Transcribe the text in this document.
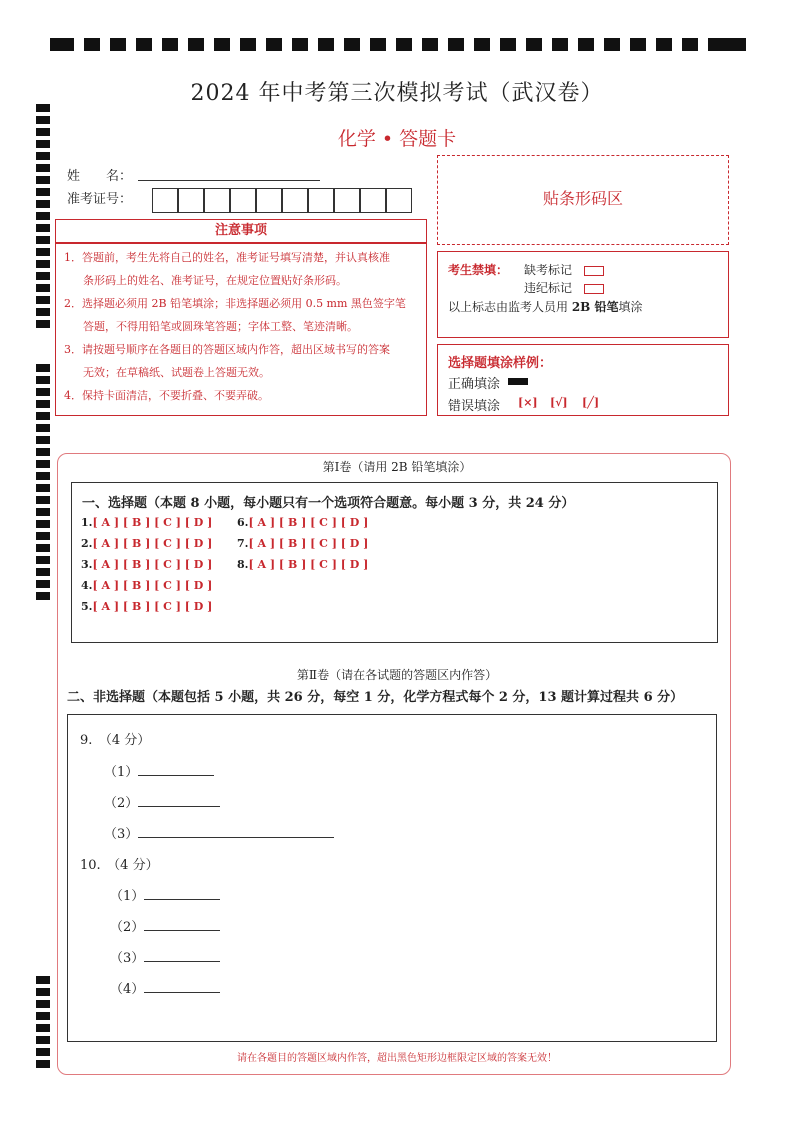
2024 年中考第三次模拟考试（武汉卷）
化学 • 答题卡
姓　　名：
准考证号：	贴条形码区
注意事项

1．答题前，考生先将自己的姓名，准考证号填写清楚，并认真核准

条形码上的姓名、准考证号，在规定位置贴好条形码。

2．选择题必须用 2B 铅笔填涂；非选择题必须用 0.5 mm 黑色签字笔

答题，不得用铅笔或圆珠笔答题；字体工整、笔迹清晰。

3．请按题号顺序在各题目的答题区域内作答，超出区域书写的答案

无效；在草稿纸、试题卷上答题无效。

4．保持卡面清洁，不要折叠、不要弄破。

考生禁填： 缺考标记
违纪标记
以上标志由监考人员用 2B 铅笔填涂
选择题填涂样例：
正确填涂
错误填涂 [×] [√] [╱]
第Ⅰ卷（请用 2B 铅笔填涂）
一、选择题（本题 8 小题，每小题只有一个选项符合题意。每小题 3 分，共 24 分）
1.[ A ] [ B ] [ C ] [ D ]
2.[ A ] [ B ] [ C ] [ D ]
3.[ A ] [ B ] [ C ] [ D ]
4.[ A ] [ B ] [ C ] [ D ]
5.[ A ] [ B ] [ C ] [ D ]
6.[ A ] [ B ] [ C ] [ D ]
7.[ A ] [ B ] [ C ] [ D ]
8.[ A ] [ B ] [ C ] [ D ]
第Ⅱ卷（请在各试题的答题区内作答）
二、非选择题（本题包括 5 小题，共 26 分，每空 1 分，化学方程式每个 2 分，13 题计算过程共 6 分）
9.　（4 分）
（1）
（2）
（3）
10.　（4 分）
（1）
（2）
（3）
（4）
请在各题目的答题区域内作答，超出黑色矩形边框限定区域的答案无效！
